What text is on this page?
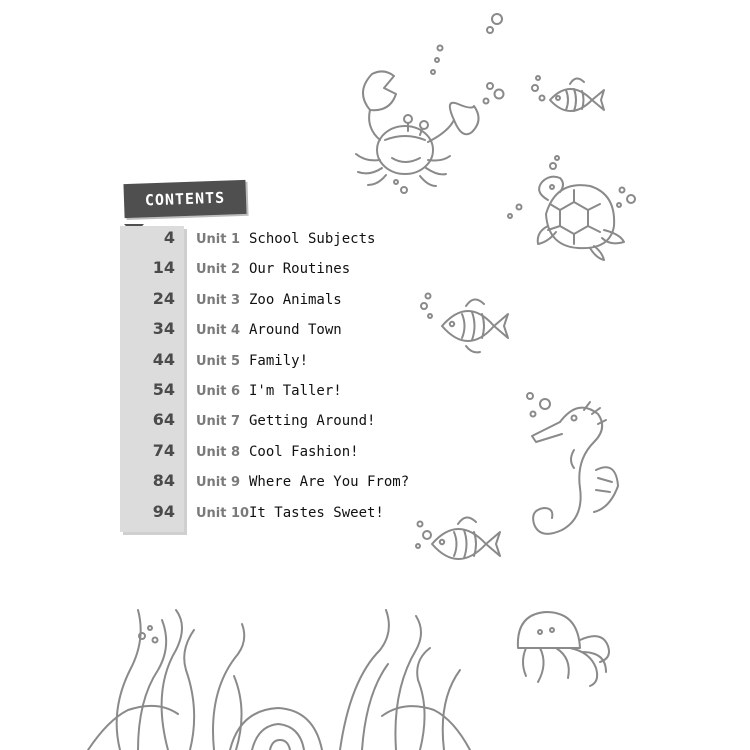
CONTENTS
4 Unit 1 School Subjects
14 Unit 2 Our Routines
24 Unit 3 Zoo Animals
34 Unit 4 Around Town
44 Unit 5 Family!
54 Unit 6 I'm Taller!
64 Unit 7 Getting Around!
74 Unit 8 Cool Fashion!
84 Unit 9 Where Are You From?
94 Unit 10 It Tastes Sweet!
